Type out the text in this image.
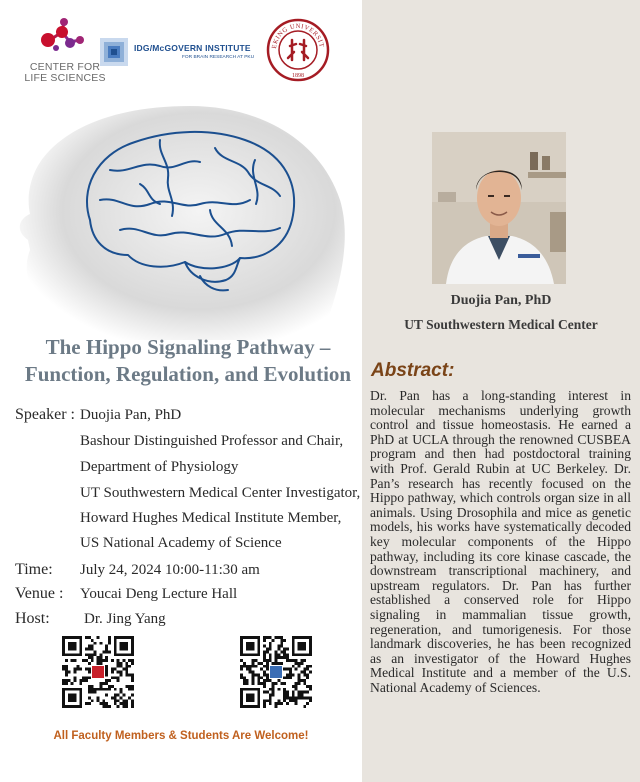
CENTER FOR
LIFE SCIENCES
IDG/McGOVERN INSTITUTE
FOR BRAIN RESEARCH AT PKU
EKING UNIVERSIT
1898
The Hippo Signaling Pathway –
Function, Regulation, and Evolution
Speaker : Duojia Pan, PhD
Bashour Distinguished Professor and Chair,
Department of Physiology
UT Southwestern Medical Center Investigator,
Howard Hughes Medical Institute Member,
US National Academy of Science
Time: July 24, 2024 10:00-11:30 am
Venue : Youcai Deng Lecture Hall
Host: Dr. Jing Yang
All Faculty Members & Students Are Welcome!
Duojia Pan, PhD
UT Southwestern Medical Center
Abstract:
Dr. Pan has a long-standing interest in molecular mechanisms underlying growth control and tissue homeostasis. He earned a PhD at UCLA through the renowned CUSBEA program and then had postdoctoral training with Prof. Gerald Rubin at UC Berkeley. Dr. Pan’s research has recently focused on the Hippo pathway, which controls organ size in all animals. Using Drosophila and mice as genetic models, his works have systematically decoded key molecular components of the Hippo pathway, including its core kinase cascade, the downstream transcriptional machinery, and upstream regulators. Dr. Pan has further established a conserved role for Hippo signaling in mammalian tissue growth, regeneration, and tumorigenesis. For those landmark discoveries, he has been recognized as an investigator of the Howard Hughes Medical Institute and a member of the U.S. National Academy of Sciences.
